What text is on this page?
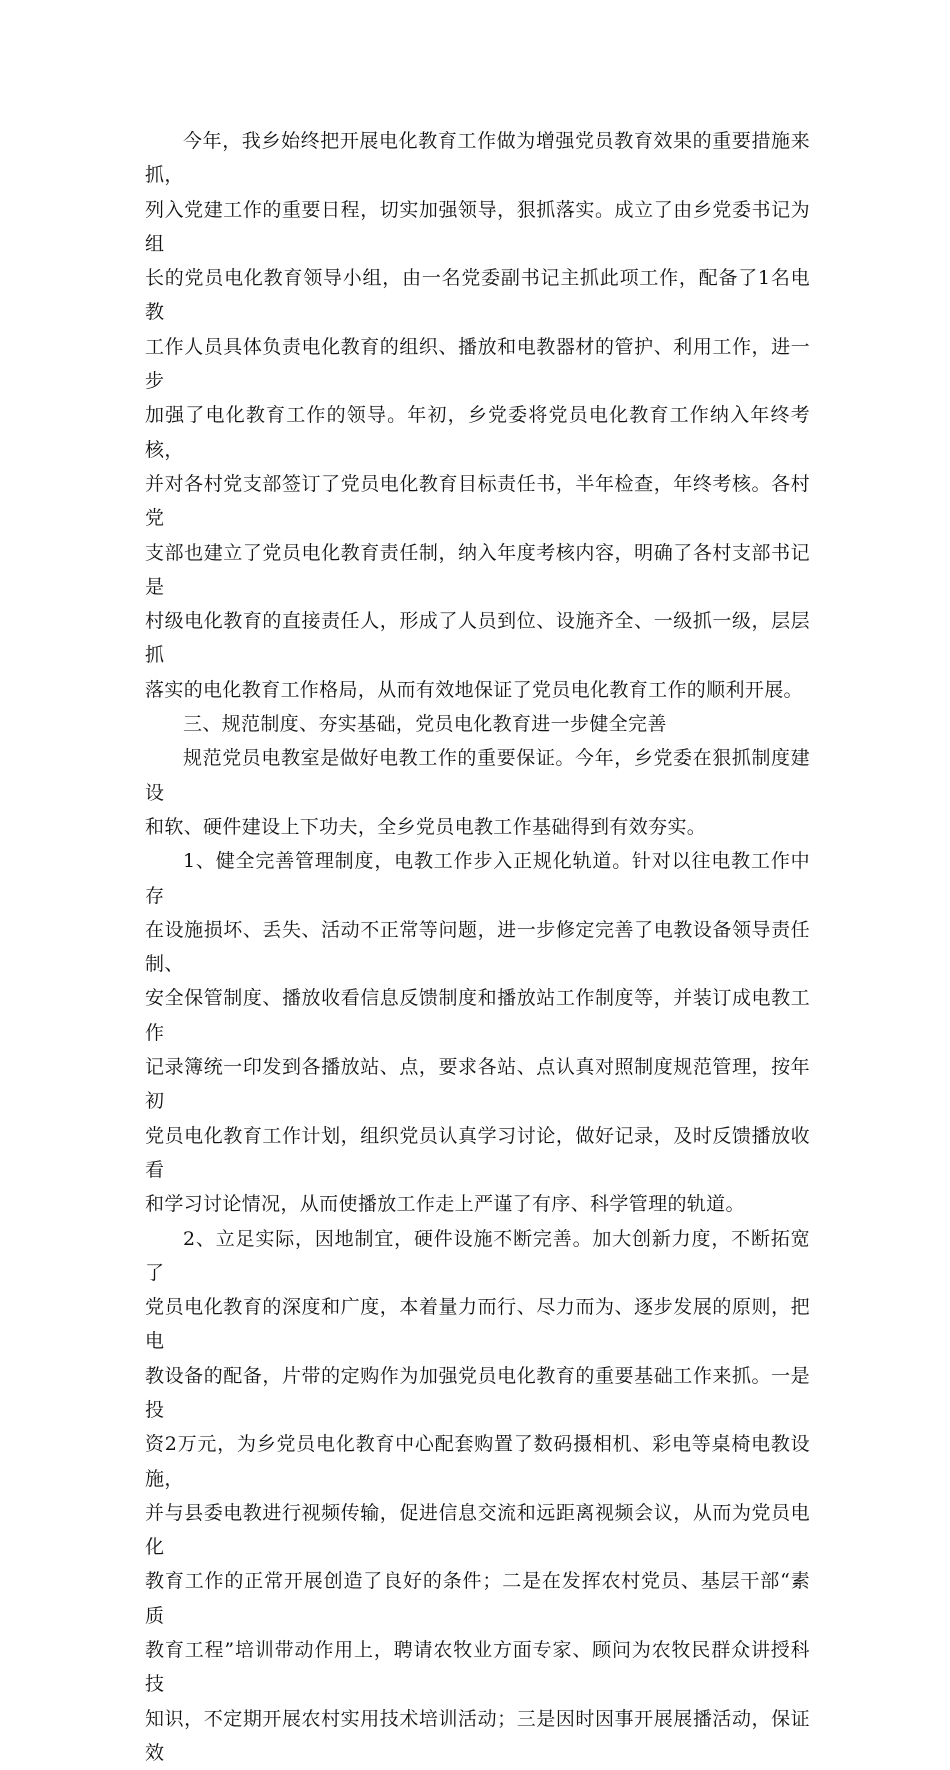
今年，我乡始终把开展电化教育工作做为增强党员教育效果的重要措施来抓，
列入党建工作的重要日程，切实加强领导，狠抓落实。成立了由乡党委书记为组
长的党员电化教育领导小组，由一名党委副书记主抓此项工作，配备了1名电教
工作人员具体负责电化教育的组织、播放和电教器材的管护、利用工作，进一步
加强了电化教育工作的领导。年初，乡党委将党员电化教育工作纳入年终考核，
并对各村党支部签订了党员电化教育目标责任书，半年检查，年终考核。各村党
支部也建立了党员电化教育责任制，纳入年度考核内容，明确了各村支部书记是
村级电化教育的直接责任人，形成了人员到位、设施齐全、一级抓一级，层层抓
落实的电化教育工作格局，从而有效地保证了党员电化教育工作的顺利开展。

三、规范制度、夯实基础，党员电化教育进一步健全完善

规范党员电教室是做好电教工作的重要保证。今年，乡党委在狠抓制度建设
和软、硬件建设上下功夫，全乡党员电教工作基础得到有效夯实。

1、健全完善管理制度，电教工作步入正规化轨道。针对以往电教工作中存
在设施损坏、丢失、活动不正常等问题，进一步修定完善了电教设备领导责任制、
安全保管制度、播放收看信息反馈制度和播放站工作制度等，并装订成电教工作
记录簿统一印发到各播放站、点，要求各站、点认真对照制度规范管理，按年初
党员电化教育工作计划，组织党员认真学习讨论，做好记录，及时反馈播放收看
和学习讨论情况，从而使播放工作走上严谨了有序、科学管理的轨道。

2、立足实际，因地制宜，硬件设施不断完善。加大创新力度，不断拓宽了
党员电化教育的深度和广度，本着量力而行、尽力而为、逐步发展的原则，把电
教设备的配备，片带的定购作为加强党员电化教育的重要基础工作来抓。一是投
资2万元，为乡党员电化教育中心配套购置了数码摄相机、彩电等桌椅电教设施，
并与县委电教进行视频传输，促进信息交流和远距离视频会议，从而为党员电化
教育工作的正常开展创造了良好的条件；二是在发挥农村党员、基层干部“素质
教育工程”培训带动作用上，聘请农牧业方面专家、顾问为农牧民群众讲授科技
知识，不定期开展农村实用技术培训活动；三是因时因事开展展播活动，保证效
